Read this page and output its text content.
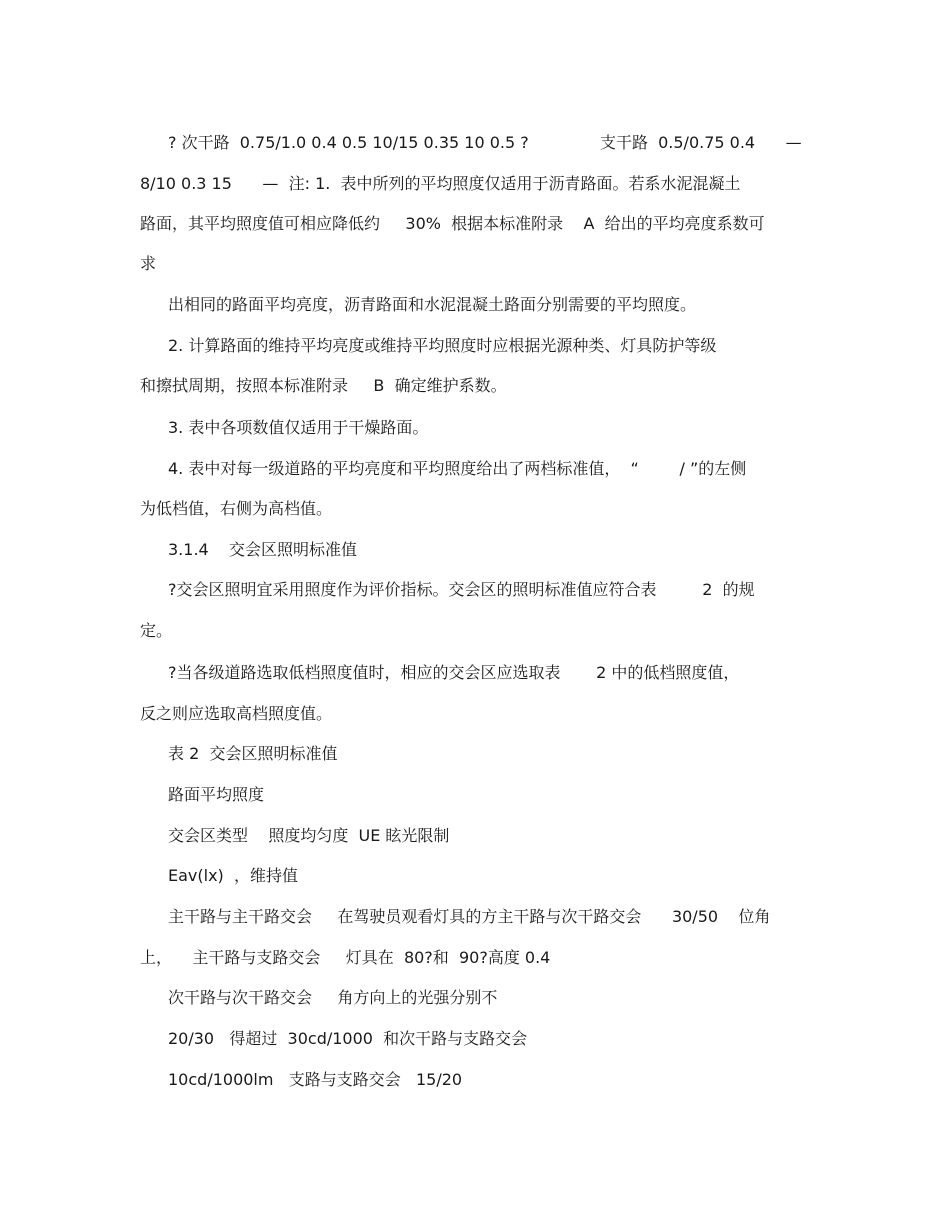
? 次干路  0.75/1.0 0.4 0.5 10/15 0.35 10 0.5 ?              支干路  0.5/0.75 0.4      —
8/10 0.3 15      —  注: 1.  表中所列的平均照度仅适用于沥青路面。若系水泥混凝土
路面，其平均照度值可相应降低约     30%  根据本标准附录    A  给出的平均亮度系数可
求
出相同的路面平均亮度，沥青路面和水泥混凝土路面分别需要的平均照度。
2. 计算路面的维持平均亮度或维持平均照度时应根据光源种类、灯具防护等级
和擦拭周期，按照本标准附录     B  确定维护系数。
3. 表中各项数值仅适用于干燥路面。
4. 表中对每一级道路的平均亮度和平均照度给出了两档标准值，  “        / ”的左侧
为低档值，右侧为高档值。
3.1.4    交会区照明标准值
?交会区照明宜采用照度作为评价指标。交会区的照明标准值应符合表         2  的规
定。
?当各级道路选取低档照度值时，相应的交会区应选取表       2 中的低档照度值，
反之则应选取高档照度值。
表 2  交会区照明标准值
路面平均照度
交会区类型    照度均匀度  UE 眩光限制
Eav(lx)  ，维持值
主干路与主干路交会     在驾驶员观看灯具的方主干路与次干路交会      30/50    位角
上，    主干路与支路交会     灯具在  80?和  90?高度 0.4
次干路与次干路交会     角方向上的光强分别不
20/30   得超过  30cd/1000  和次干路与支路交会
10cd/1000lm   支路与支路交会   15/20
